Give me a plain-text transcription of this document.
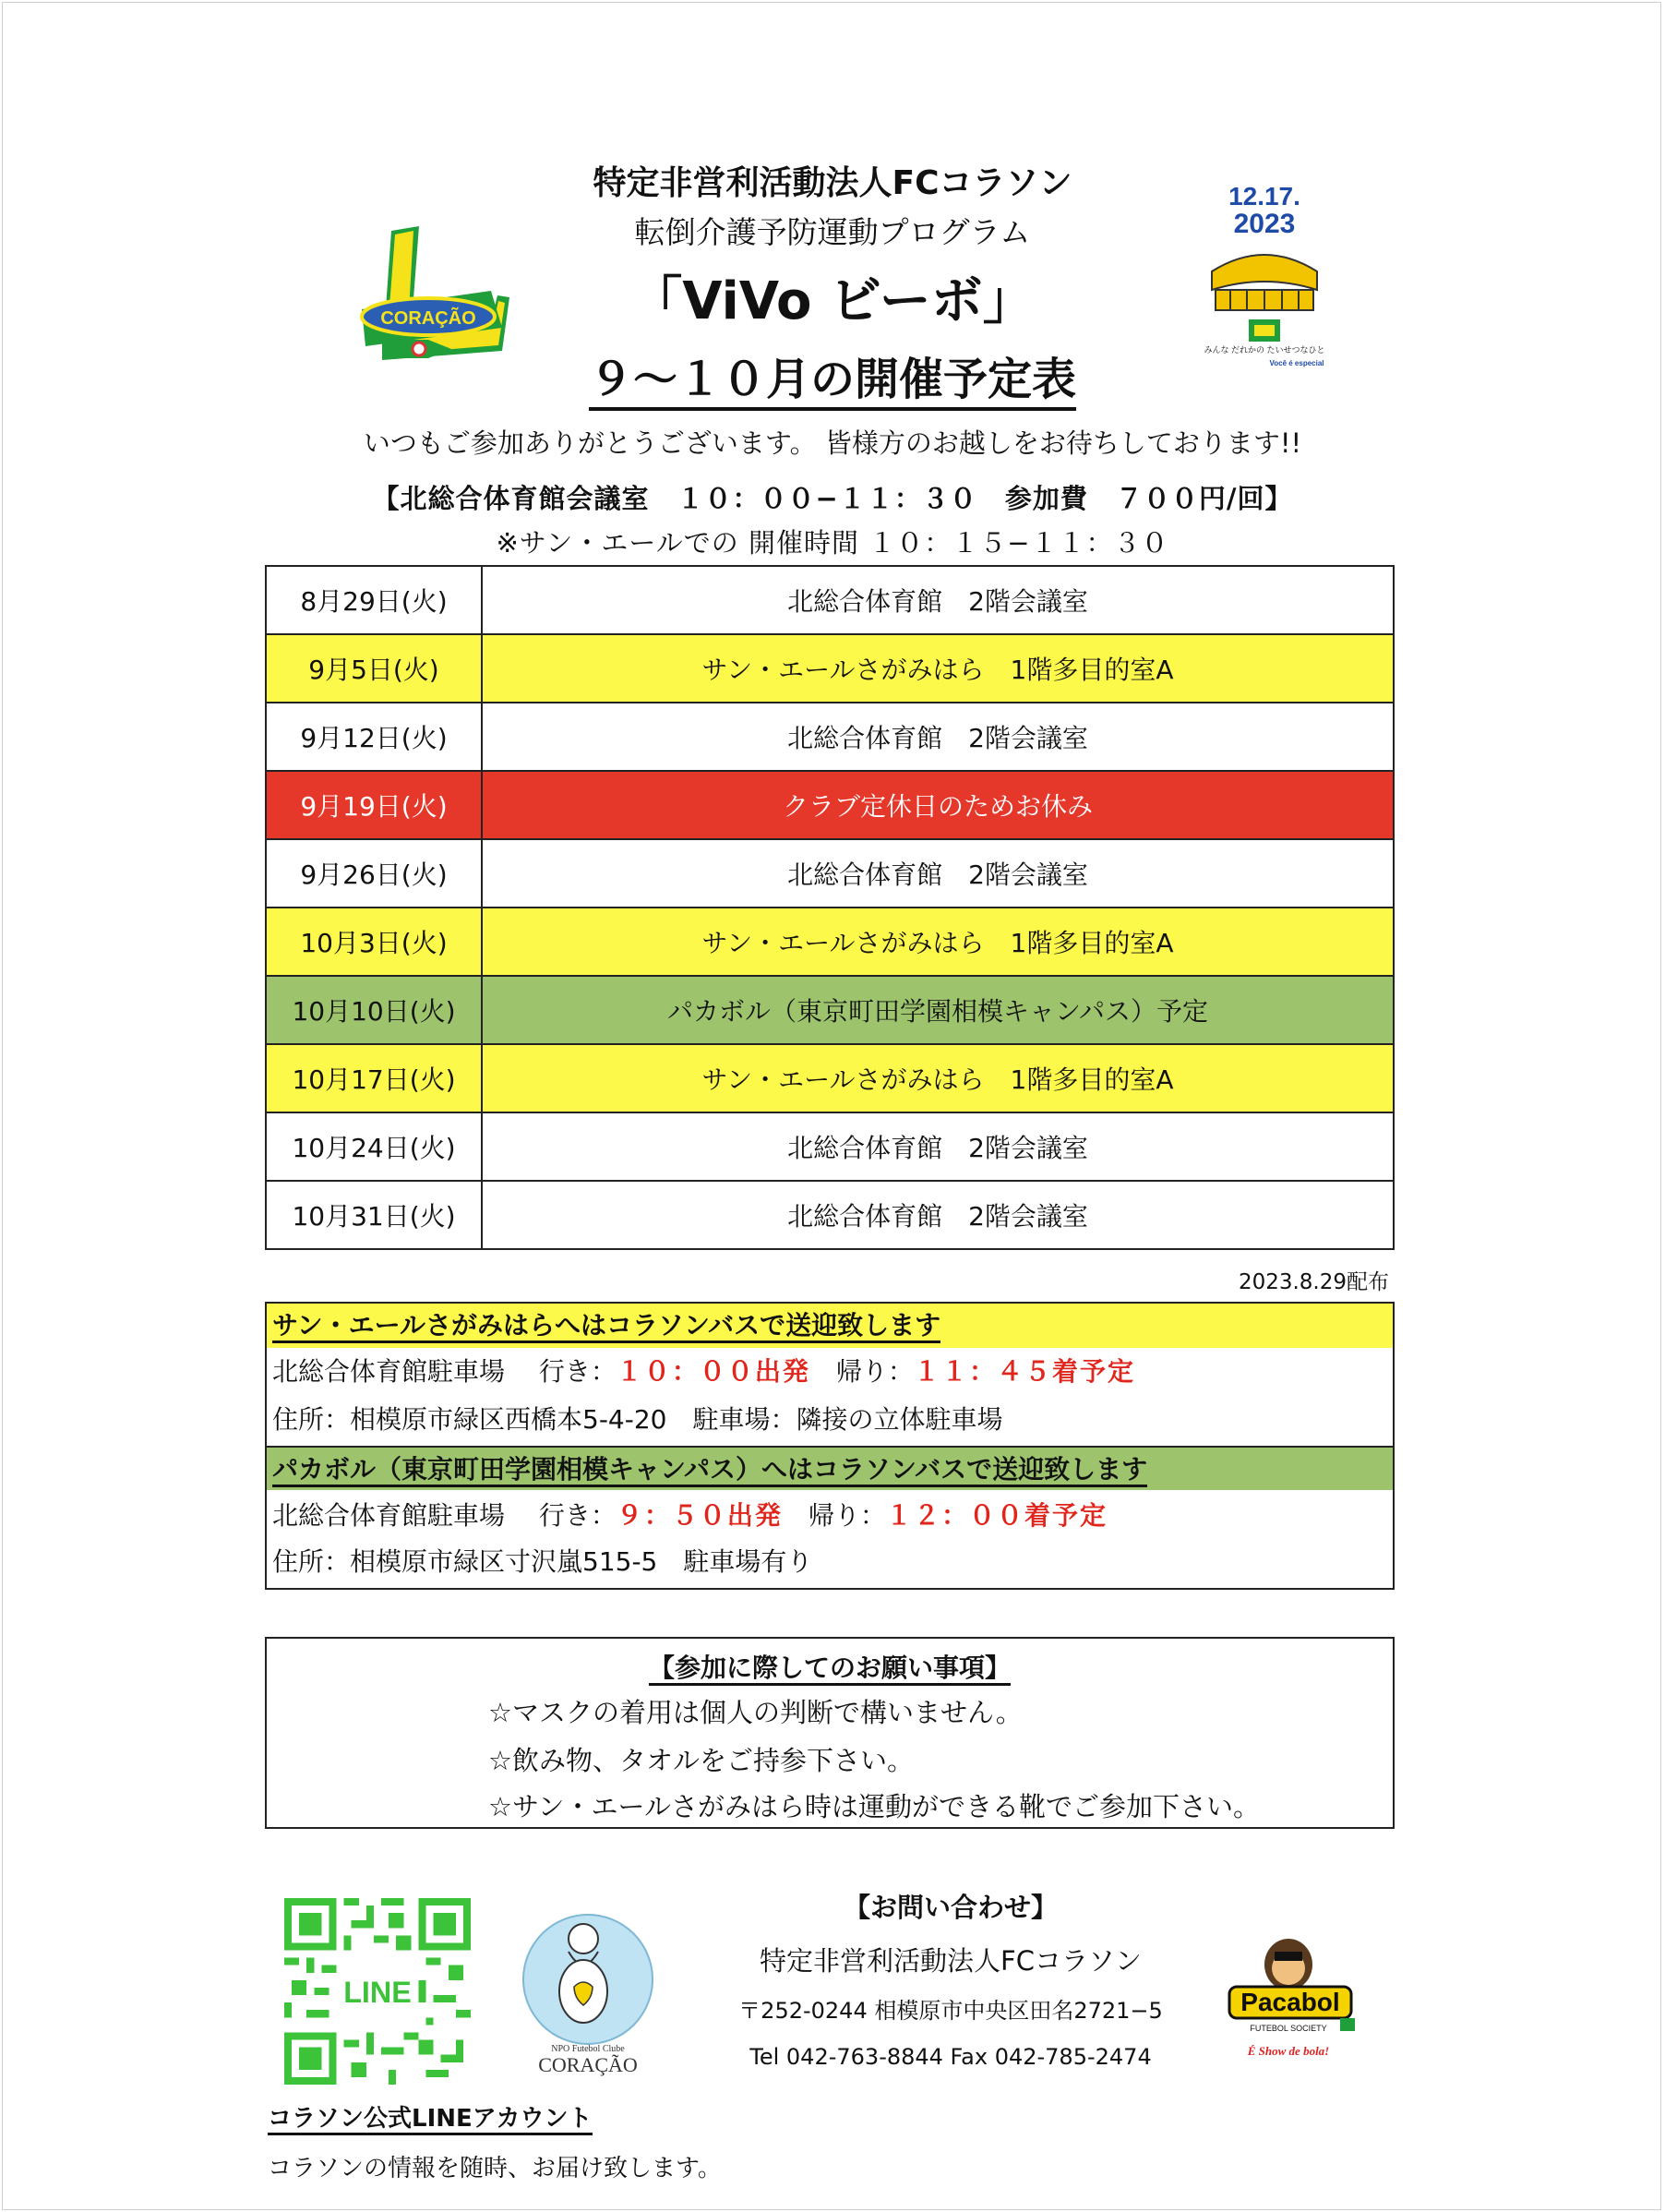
特定非営利活動法人FCコラソン
転倒介護予防運動プログラム
「ViVo ビーボ」
９～１０月の開催予定表
いつもご参加ありがとうございます。 皆様方のお越しをお待ちしております!!
【北総合体育館会議室　１０：００−１１：３０　参加費　７００円/回】
※サン・エールでの 開催時間 １０：１５−１１：３０
CORAÇÃO
12.17.
2023
みんな だれかの たいせつなひと
Você é especial
8月29日(火)	北総合体育館　2階会議室
9月5日(火)	サン・エールさがみはら　1階多目的室A
9月12日(火)	北総合体育館　2階会議室
9月19日(火)	クラブ定休日のためお休み
9月26日(火)	北総合体育館　2階会議室
10月3日(火)	サン・エールさがみはら　1階多目的室A
10月10日(火)	パカボル（東京町田学園相模キャンパス）予定
10月17日(火)	サン・エールさがみはら　1階多目的室A
10月24日(火)	北総合体育館　2階会議室
10月31日(火)	北総合体育館　2階会議室
2023.8.29配布
サン・エールさがみはらへはコラソンバスで送迎致します
北総合体育館駐車場　 行き：１０：００出発　帰り：１１：４５着予定
住所：相模原市緑区西橋本5-4-20　駐車場：隣接の立体駐車場
パカボル（東京町田学園相模キャンパス）へはコラソンバスで送迎致します
北総合体育館駐車場　 行き：９：５０出発　帰り：１２：００着予定
住所：相模原市緑区寸沢嵐515-5　駐車場有り
【参加に際してのお願い事項】
☆マスクの着用は個人の判断で構いません。
☆飲み物、タオルをご持参下さい。
☆サン・エールさがみはら時は運動ができる靴でご参加下さい。
LINE
NPO Futebol Clube
CORAÇÃO
【お問い合わせ】
特定非営利活動法人FCコラソン
〒252-0244 相模原市中央区田名2721−5
Tel 042-763-8844 Fax 042-785-2474
Pacabol
FUTEBOL SOCIETY
É Show de bola!
コラソン公式LINEアカウント
コラソンの情報を随時、お届け致します。
